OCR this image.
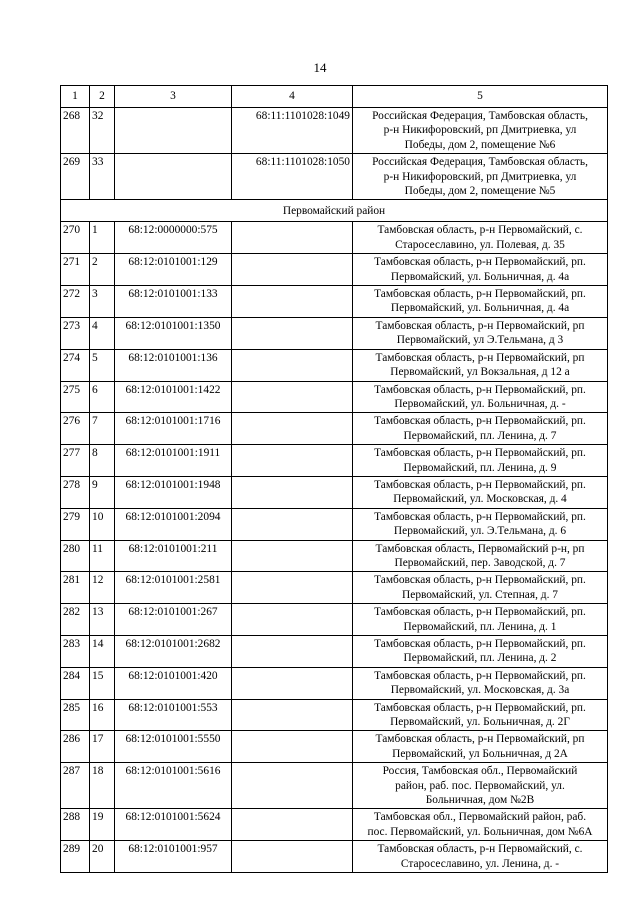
14
1	2	3	4	5
268	32		68:11:1101028:1049	Российская Федерация, Тамбовская область,
р-н Никифоровский, рп Дмитриевка, ул
Победы, дом 2, помещение №6

269	33		68:11:1101028:1050	Российская Федерация, Тамбовская область,
р-н Никифоровский, рп Дмитриевка, ул
Победы, дом 2, помещение №5

Первомайский район				
270	1	68:12:0000000:575		Тамбовская область, р-н Первомайский, с.
Старосеславино, ул. Полевая, д. 35

271	2	68:12:0101001:129		Тамбовская область, р-н Первомайский, рп.
Первомайский, ул. Больничная, д. 4а

272	3	68:12:0101001:133		Тамбовская область, р-н Первомайский, рп.
Первомайский, ул. Больничная, д. 4а

273	4	68:12:0101001:1350		Тамбовская область, р-н Первомайский, рп
Первомайский, ул Э.Тельмана, д 3

274	5	68:12:0101001:136		Тамбовская область, р-н Первомайский, рп
Первомайский, ул Вокзальная, д 12 а

275	6	68:12:0101001:1422		Тамбовская область, р-н Первомайский, рп.
Первомайский, ул. Больничная, д. -

276	7	68:12:0101001:1716		Тамбовская область, р-н Первомайский, рп.
Первомайский, пл. Ленина, д. 7

277	8	68:12:0101001:1911		Тамбовская область, р-н Первомайский, рп.
Первомайский, пл. Ленина, д. 9

278	9	68:12:0101001:1948		Тамбовская область, р-н Первомайский, рп.
Первомайский, ул. Московская, д. 4

279	10	68:12:0101001:2094		Тамбовская область, р-н Первомайский, рп.
Первомайский, ул. Э.Тельмана, д. 6

280	11	68:12:0101001:211		Тамбовская область, Первомайский р-н, рп
Первомайский, пер. Заводской, д. 7

281	12	68:12:0101001:2581		Тамбовская область, р-н Первомайский, рп.
Первомайский, ул. Степная, д. 7

282	13	68:12:0101001:267		Тамбовская область, р-н Первомайский, рп.
Первомайский, пл. Ленина, д. 1

283	14	68:12:0101001:2682		Тамбовская область, р-н Первомайский, рп.
Первомайский, пл. Ленина, д. 2

284	15	68:12:0101001:420		Тамбовская область, р-н Первомайский, рп.
Первомайский, ул. Московская, д. 3а

285	16	68:12:0101001:553		Тамбовская область, р-н Первомайский, рп.
Первомайский, ул. Больничная, д. 2Г

286	17	68:12:0101001:5550		Тамбовская область, р-н Первомайский, рп
Первомайский, ул Больничная, д 2А

287	18	68:12:0101001:5616		Россия, Тамбовская обл., Первомайский
район, раб. пос. Первомайский, ул.
Больничная, дом №2В

288	19	68:12:0101001:5624		Тамбовская обл., Первомайский район, раб.
пос. Первомайский, ул. Больничная, дом №6А

289	20	68:12:0101001:957		Тамбовская область, р-н Первомайский, с.
Старосеславино, ул. Ленина, д. -
